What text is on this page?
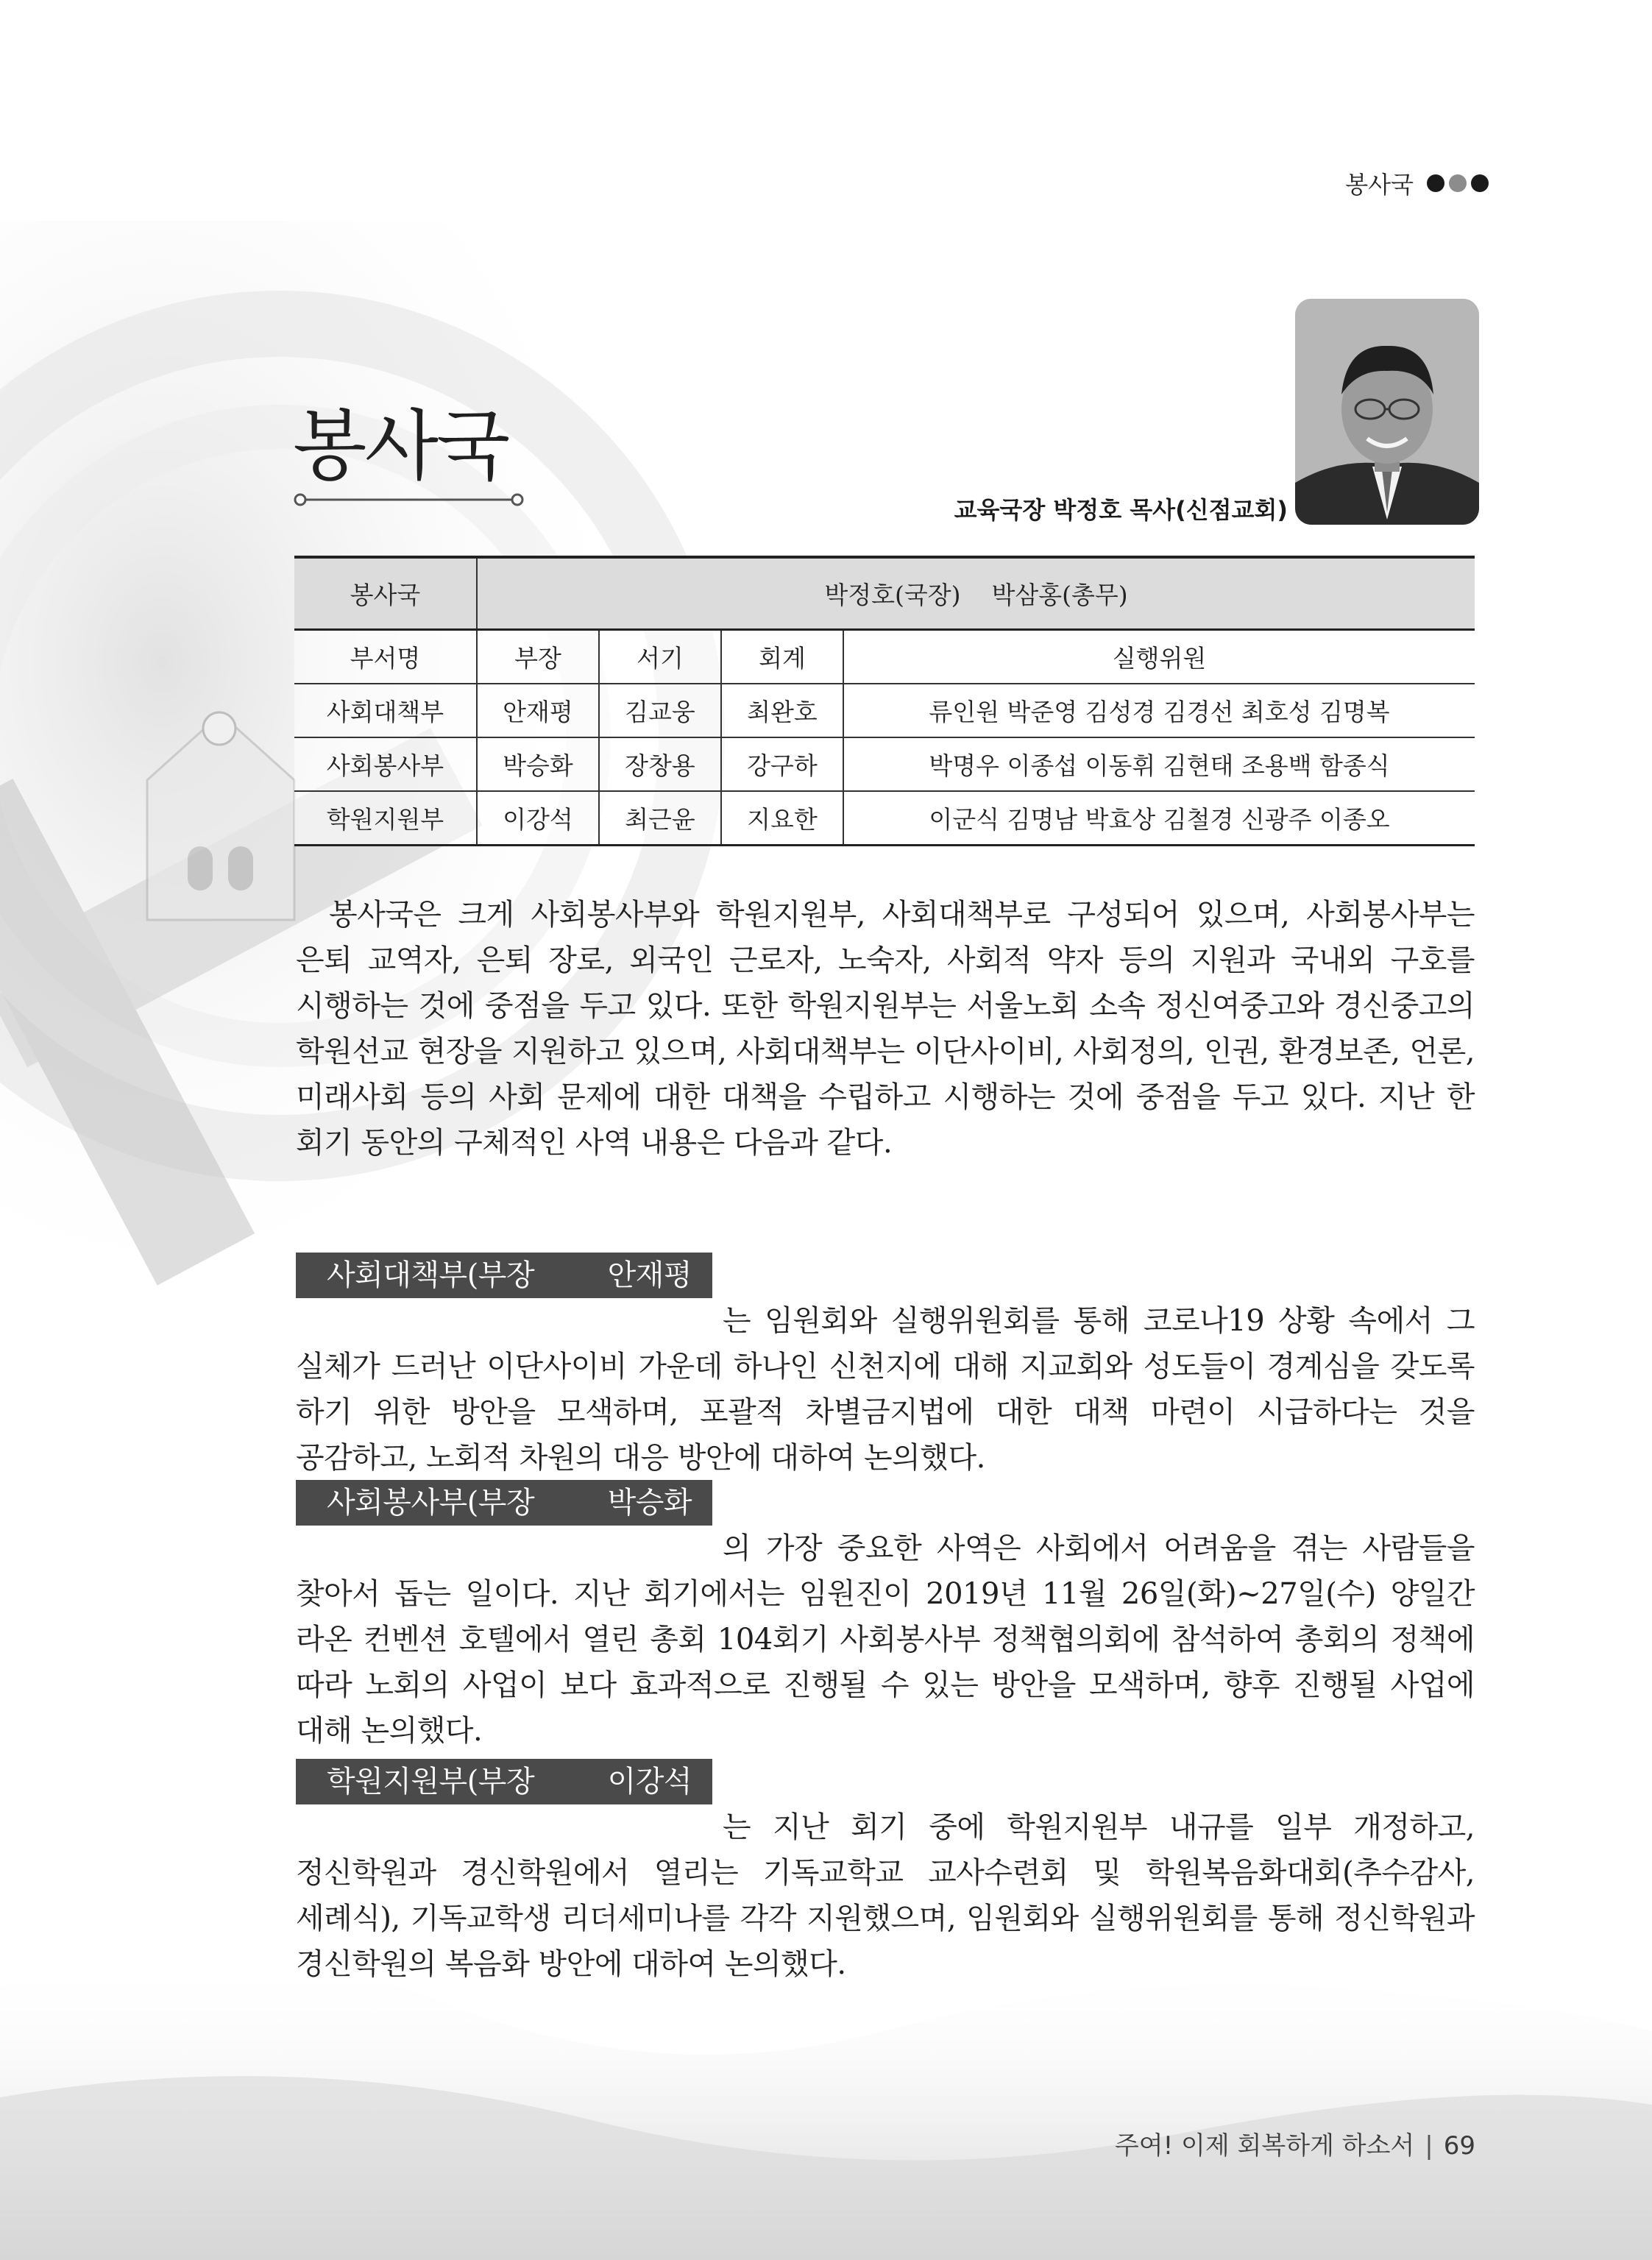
봉사국
봉사국
교육국장 박정호 목사(신점교회)
봉사국	박정호(국장)    박삼홍(총무)			
부서명	부장	서기	회계	실행위원
사회대책부	안재평	김교웅	최완호	류인원 박준영 김성경 김경선 최호성 김명복
사회봉사부	박승화	장창용	강구하	박명우 이종섭 이동휘 김현태 조용백 함종식
학원지원부	이강석	최근윤	지요한	이군식 김명남 박효상 김철경 신광주 이종오

봉사국은 크게 사회봉사부와 학원지원부, 사회대책부로 구성되어 있으며, 사회봉사부는 은퇴 교역자, 은퇴 장로, 외국인 근로자, 노숙자, 사회적 약자 등의 지원과 국내외 구호를 시행하는 것에 중점을 두고 있다. 또한 학원지원부는 서울노회 소속 정신여중고와 경신중고의 학원선교 현장을 지원하고 있으며, 사회대책부는 이단사이비, 사회정의, 인권, 환경보존, 언론, 미래사회 등의 사회 문제에 대한 대책을 수립하고 시행하는 것에 중점을 두고 있다. 지난 한 회기 동안의 구체적인 사역 내용은 다음과 같다.

사회대책부(부장 안재평 목사)	는 임원회와 실행위원회를 통해 코로나19 상황 속에서 그 실체가 드러난 이단사이비 가운데 하나인 신천지에 대해 지교회와 성도들이 경계심을 갖도록 하기 위한 방안을 모색하며, 포괄적 차별금지법에 대한 대책 마련이 시급하다는 것을 공감하고, 노회적 차원의 대응 방안에 대하여 논의했다.

사회봉사부(부장 박승화 장로)	의 가장 중요한 사역은 사회에서 어려움을 겪는 사람들을 찾아서 돕는 일이다. 지난 회기에서는 임원진이 2019년 11월 26일(화)~27일(수) 양일간 라온 컨벤션 호텔에서 열린 총회 104회기 사회봉사부 정책협의회에 참석하여 총회의 정책에 따라 노회의 사업이 보다 효과적으로 진행될 수 있는 방안을 모색하며, 향후 진행될 사업에 대해 논의했다.

학원지원부(부장 이강석 목사)	는 지난 회기 중에 학원지원부 내규를 일부 개정하고, 정신학원과 경신학원에서 열리는 기독교학교 교사수련회 및 학원복음화대회(추수감사, 세례식), 기독교학생 리더세미나를 각각 지원했으며, 임원회와 실행위원회를 통해 정신학원과 경신학원의 복음화 방안에 대하여 논의했다.

주여! 이제 회복하게 하소서 | 69
